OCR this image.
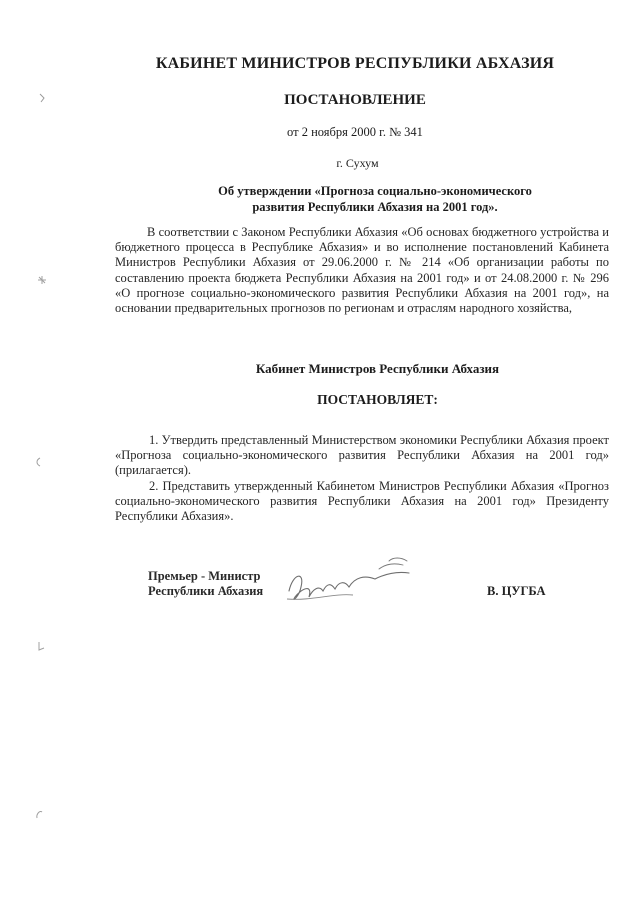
КАБИНЕТ МИНИСТРОВ РЕСПУБЛИКИ АБХАЗИЯ
ПОСТАНОВЛЕНИЕ
от 2 ноября 2000 г. № 341
г. Сухум
Об утверждении «Прогноза социально-экономического
развития Республики Абхазия на 2001 год».

В соответствии с Законом Республики Абхазия «Об основах бюджетного устройства и бюджетного процесса в Республике Абхазия» и во исполнение постановлений Кабинета Министров Республики Абхазия от 29.06.2000 г. № 214 «Об организации работы по составлению проекта бюджета Республики Абхазия на 2001 год» и от 24.08.2000 г. № 296 «О прогнозе социально-экономического развития Республики Абхазия на 2001 год», на основании предварительных прогнозов по регионам и отраслям народного хозяйства,

Кабинет Министров Республики Абхазия
ПОСТАНОВЛЯЕТ:

1. Утвердить представленный Министерством экономики Республики Абхазия проект «Прогноза социально-экономического развития Республики Абхазия на 2001 год» (прилагается).

2. Представить утвержденный Кабинетом Министров Республики Абхазия «Прогноз социально-экономического развития Республики Абхазия на 2001 год» Президенту Республики Абхазия».

Премьер - Министр
Республики Абхазия	В. ЦУГБА
